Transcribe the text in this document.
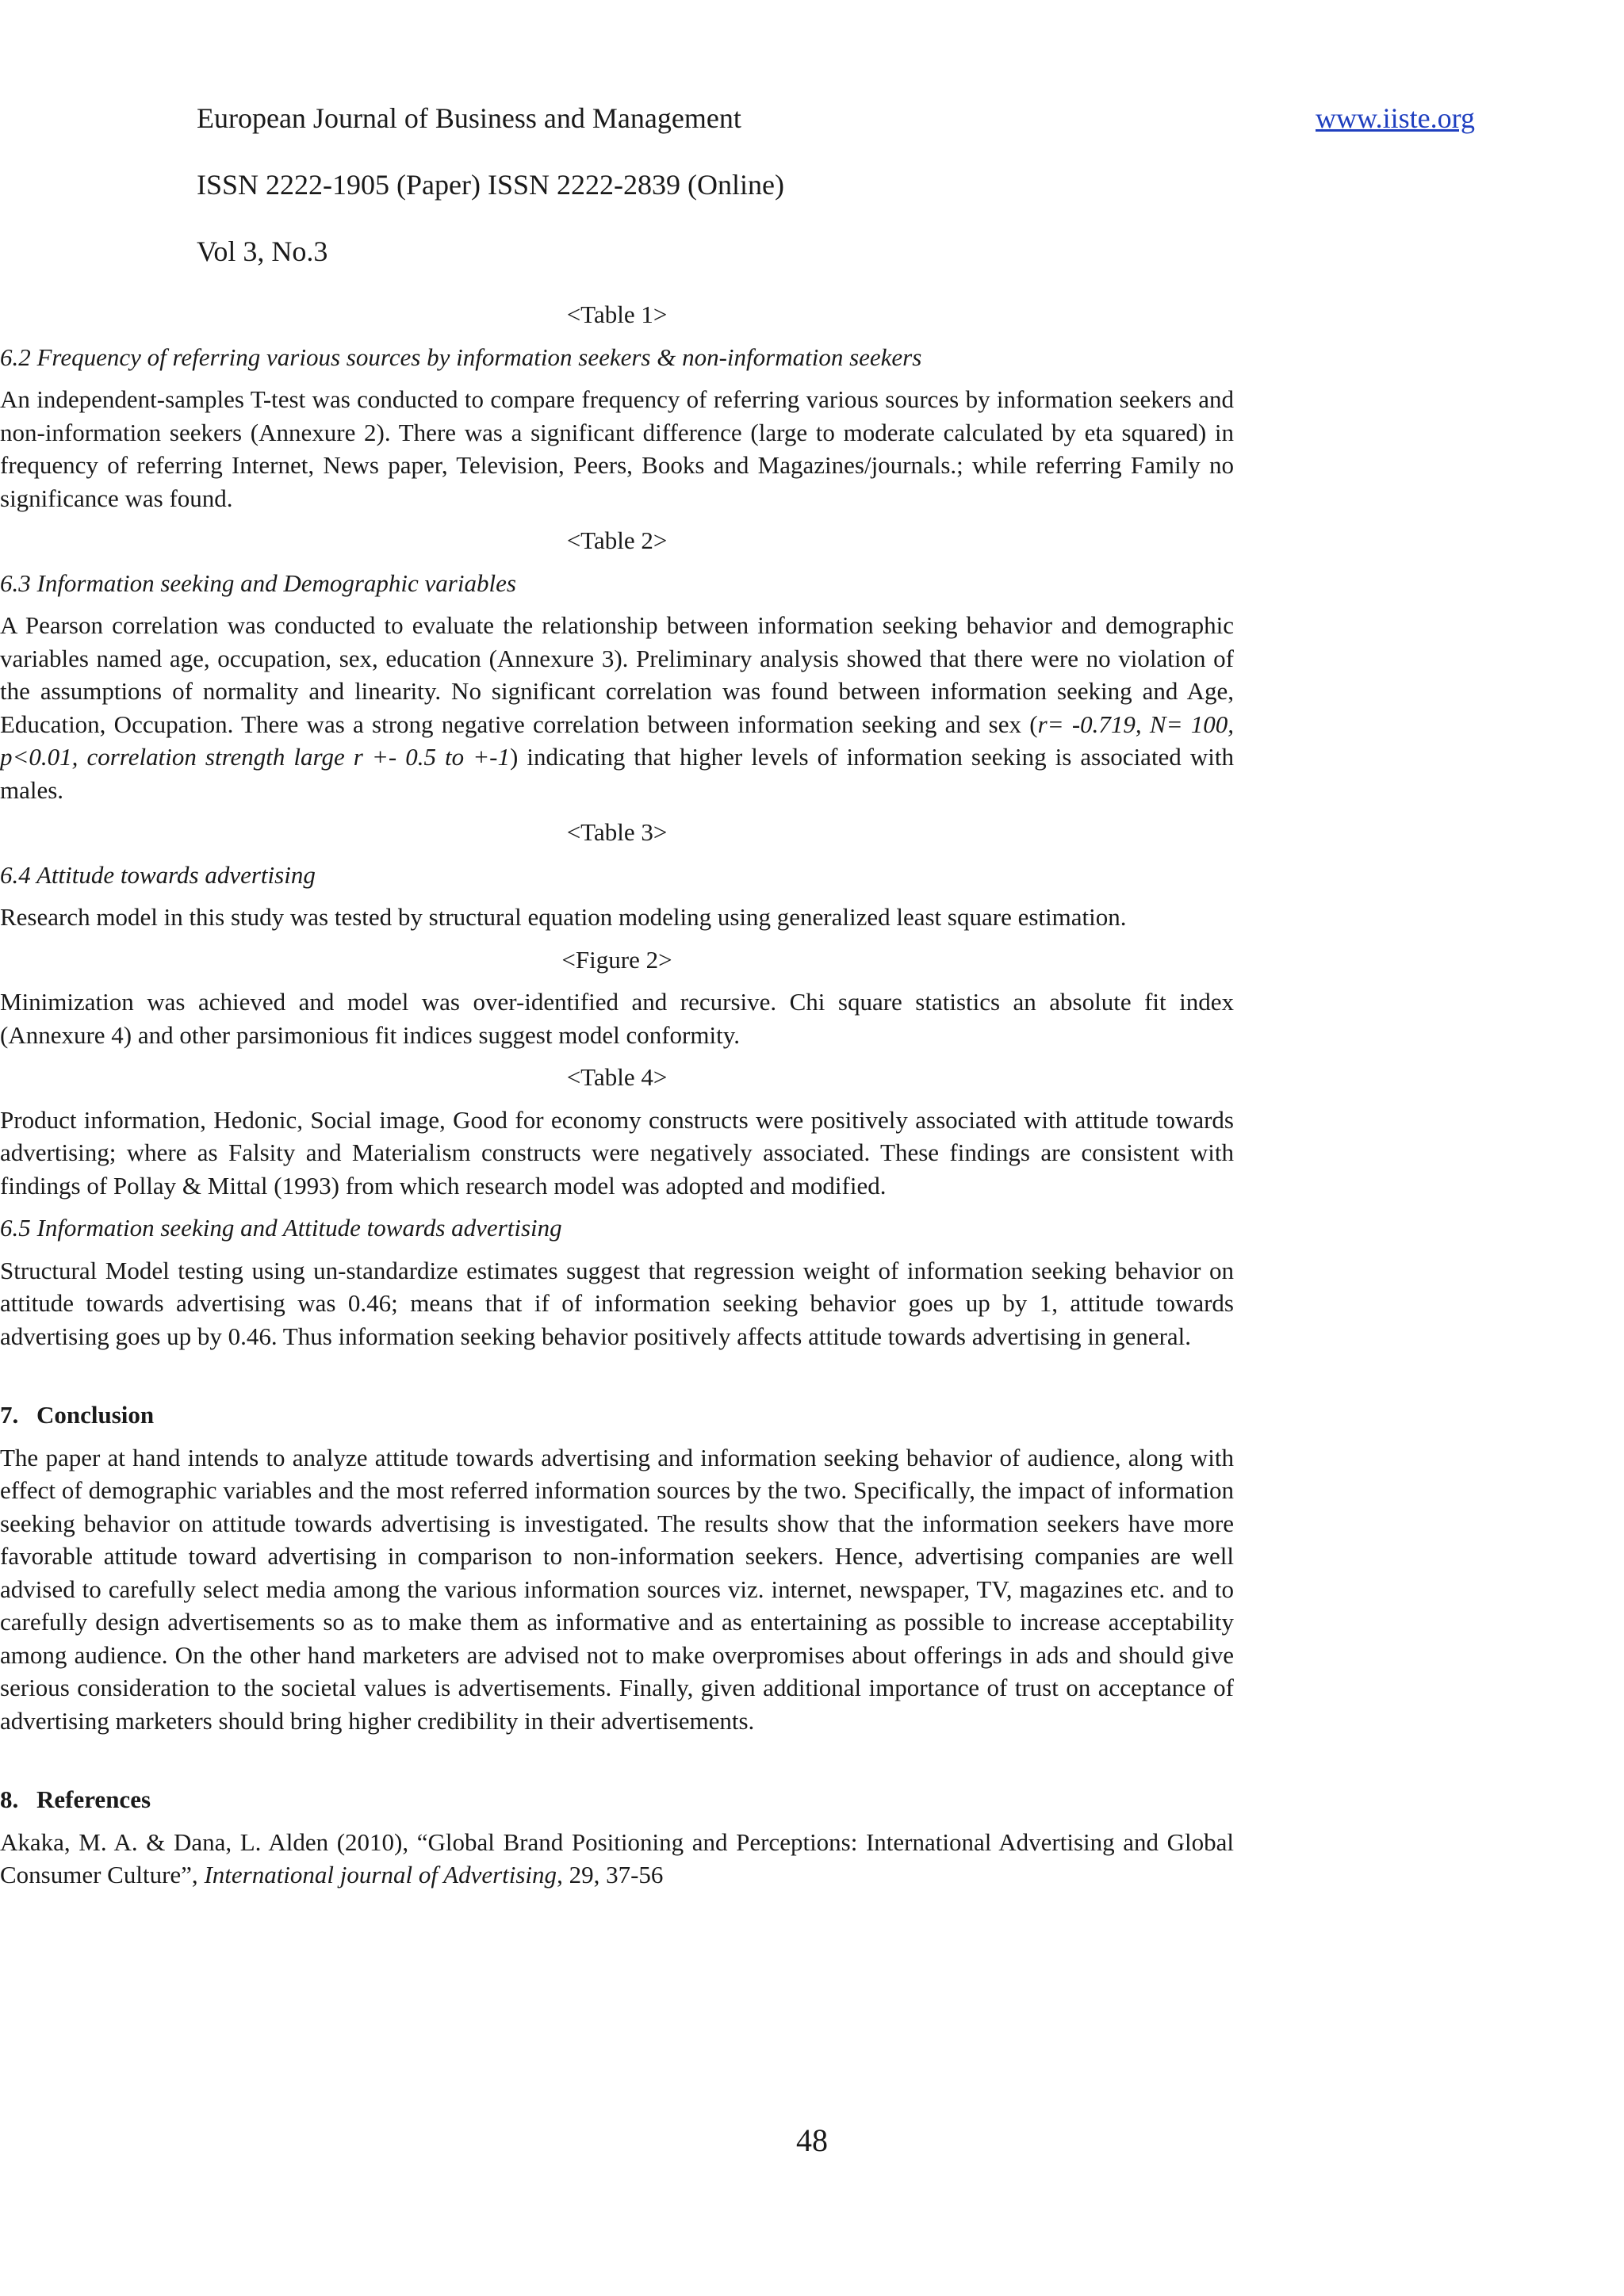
European Journal of Business and Management	www.iiste.org
ISSN 2222-1905 (Paper) ISSN 2222-2839 (Online)
Vol 3, No.3
<Table 1>
6.2 Frequency of referring various sources by information seekers & non-information seekers
An independent-samples T-test was conducted to compare frequency of referring various sources by information seekers and non-information seekers (Annexure 2). There was a significant difference (large to moderate calculated by eta squared) in frequency of referring Internet, News paper, Television, Peers, Books and Magazines/journals.; while referring Family no significance was found.
<Table 2>
6.3 Information seeking and Demographic variables
A Pearson correlation was conducted to evaluate the relationship between information seeking behavior and demographic variables named age, occupation, sex, education (Annexure 3). Preliminary analysis showed that there were no violation of the assumptions of normality and linearity. No significant correlation was found between information seeking and Age, Education, Occupation. There was a strong negative correlation between information seeking and sex (r= -0.719, N= 100, p<0.01, correlation strength large r +- 0.5 to +-1) indicating that higher levels of information seeking is associated with males.
<Table 3>
6.4 Attitude towards advertising
Research model in this study was tested by structural equation modeling using generalized least square estimation.
<Figure 2>
Minimization was achieved and model was over-identified and recursive. Chi square statistics an absolute fit index (Annexure 4) and other parsimonious fit indices suggest model conformity.
<Table 4>
Product information, Hedonic, Social image, Good for economy constructs were positively associated with attitude towards advertising; where as Falsity and Materialism constructs were negatively associated. These findings are consistent with findings of Pollay & Mittal (1993) from which research model was adopted and modified.
6.5 Information seeking and Attitude towards advertising
Structural Model testing using un-standardize estimates suggest that regression weight of information seeking behavior on attitude towards advertising was 0.46; means that if of information seeking behavior goes up by 1, attitude towards advertising goes up by 0.46. Thus information seeking behavior positively affects attitude towards advertising in general.
7. Conclusion
The paper at hand intends to analyze attitude towards advertising and information seeking behavior of audience, along with effect of demographic variables and the most referred information sources by the two. Specifically, the impact of information seeking behavior on attitude towards advertising is investigated. The results show that the information seekers have more favorable attitude toward advertising in comparison to non-information seekers. Hence, advertising companies are well advised to carefully select media among the various information sources viz. internet, newspaper, TV, magazines etc. and to carefully design advertisements so as to make them as informative and as entertaining as possible to increase acceptability among audience. On the other hand marketers are advised not to make overpromises about offerings in ads and should give serious consideration to the societal values is advertisements. Finally, given additional importance of trust on acceptance of advertising marketers should bring higher credibility in their advertisements.
8. References
Akaka, M. A. & Dana, L. Alden (2010), “Global Brand Positioning and Perceptions: International Advertising and Global Consumer Culture”, International journal of Advertising, 29, 37-56
48
